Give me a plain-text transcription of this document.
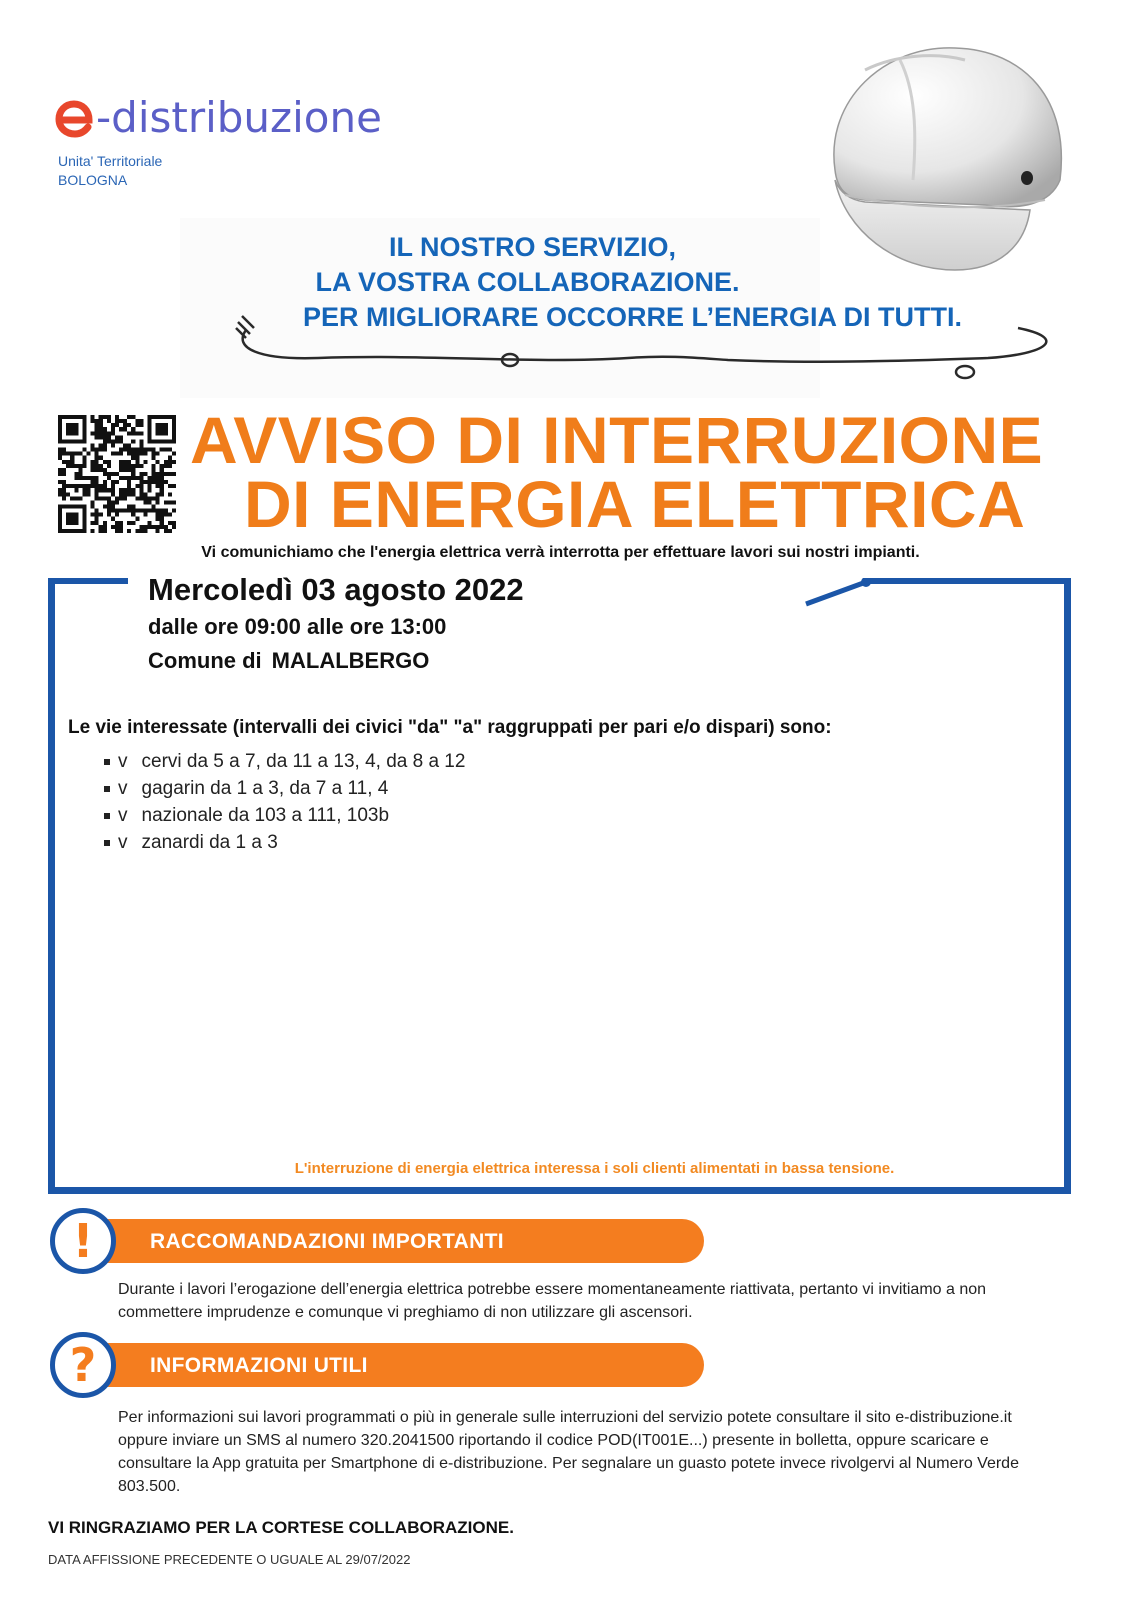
-distribuzione
Unita' Territoriale
BOLOGNA
IL NOSTRO SERVIZIO,
LA VOSTRA COLLABORAZIONE.
PER MIGLIORARE OCCORRE L’ENERGIA DI TUTTI.
AVVISO DI INTERRUZIONE
DI ENERGIA ELETTRICA
Vi comunichiamo che l'energia elettrica verrà interrotta per effettuare lavori sui nostri impianti.
Mercoledì 03 agosto 2022
dalle ore 09:00 alle ore 13:00
Comune di MALALBERGO
Le vie interessate (intervalli dei civici "da" "a" raggruppati per pari e/o dispari) sono:
v cervi da 5 a 7, da 11 a 13, 4, da 8 a 12
v gagarin da 1 a 3, da 7 a 11, 4
v nazionale da 103 a 111, 103b
v zanardi da 1 a 3
L'interruzione di energia elettrica interessa i soli clienti alimentati in bassa tensione.
!	RACCOMANDAZIONI IMPORTANTI
Durante i lavori l’erogazione dell’energia elettrica potrebbe essere momentaneamente riattivata, pertanto vi invitiamo a non commettere imprudenze e comunque vi preghiamo di non utilizzare gli ascensori.
?	INFORMAZIONI UTILI
Per informazioni sui lavori programmati o più in generale sulle interruzioni del servizio potete consultare il sito e-distribuzione.it oppure inviare un SMS al numero 320.2041500 riportando il codice POD(IT001E...) presente in bolletta, oppure scaricare e consultare la App gratuita per Smartphone di e-distribuzione. Per segnalare un guasto potete invece rivolgervi al Numero Verde 803.500.
VI RINGRAZIAMO PER LA CORTESE COLLABORAZIONE.
DATA AFFISSIONE PRECEDENTE O UGUALE AL 29/07/2022
